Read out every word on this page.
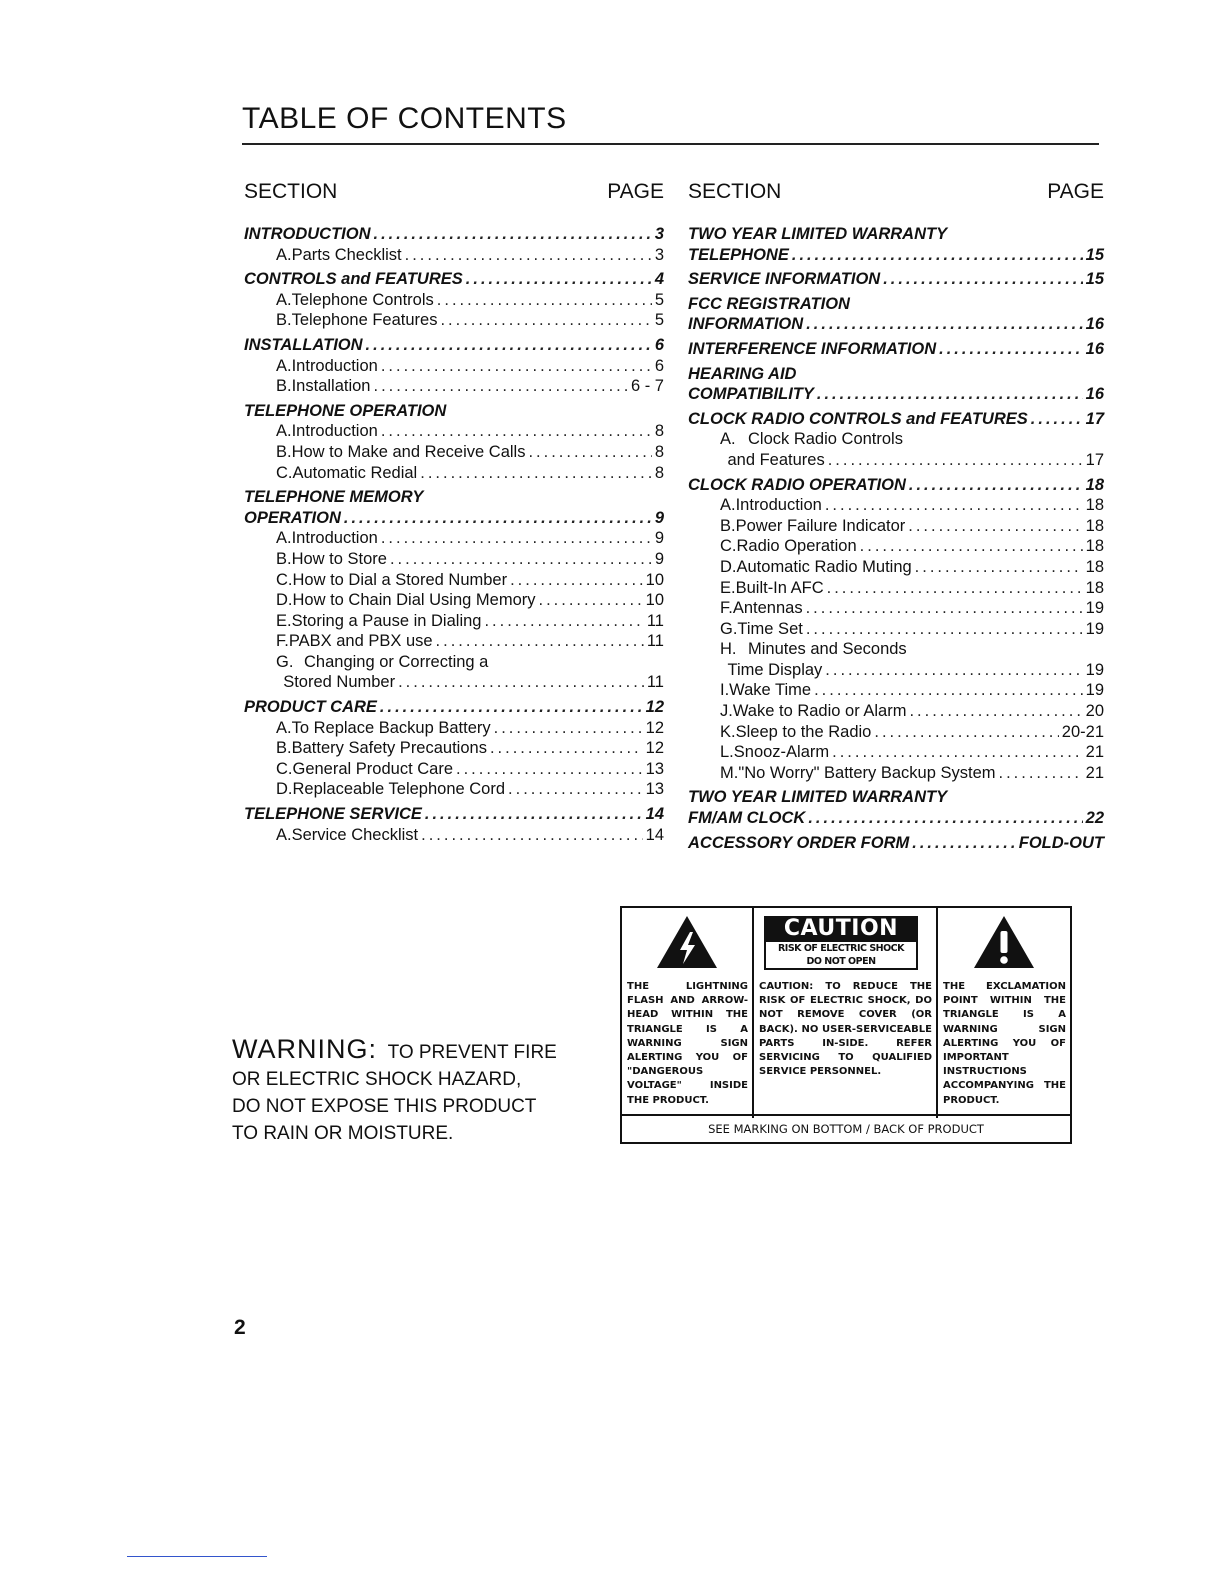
TABLE OF CONTENTS
SECTION	PAGE
INTRODUCTION .....	3
A. Parts Checklist .....	3
CONTROLS and FEATURES .....	4
A. Telephone Controls .....	5
B. Telephone Features .....	5
INSTALLATION .....	6
A. Introduction .....	6
B. Installation .....	6 - 7
TELEPHONE OPERATION
A. Introduction .....	8
B. How to Make and Receive Calls .....	8
C. Automatic Redial .....	8
TELEPHONE MEMORY
OPERATION .....	9
A. Introduction .....	9
B. How to Store .....	9
C. How to Dial a Stored Number .....	10
D. How to Chain Dial Using Memory .....	10
E. Storing a Pause in Dialing .....	11
F. PABX and PBX use .....	11
G. Changing or Correcting a
Stored Number .....	11
PRODUCT CARE .....	12
A. To Replace Backup Battery .....	12
B. Battery Safety Precautions .....	12
C. General Product Care .....	13
D. Replaceable Telephone Cord .....	13
TELEPHONE SERVICE .....	14
A. Service Checklist .....	14
SECTION	PAGE
TWO YEAR LIMITED WARRANTY
TELEPHONE .....	15
SERVICE INFORMATION .....	15
FCC REGISTRATION
INFORMATION .....	16
INTERFERENCE INFORMATION .....	16
HEARING AID
COMPATIBILITY .....	16
CLOCK RADIO CONTROLS and FEATURES .....	17
A. Clock Radio Controls
and Features .....	17
CLOCK RADIO OPERATION .....	18
A. Introduction .....	18
B. Power Failure Indicator .....	18
C. Radio Operation .....	18
D. Automatic Radio Muting .....	18
E. Built-In AFC .....	18
F. Antennas .....	19
G. Time Set .....	19
H. Minutes and Seconds
Time Display .....	19
I. Wake Time .....	19
J. Wake to Radio or Alarm .....	20
K. Sleep to the Radio .....	20-21
L. Snooz-Alarm .....	21
M. "No Worry" Battery Backup System .....	21
TWO YEAR LIMITED WARRANTY
FM/AM CLOCK .....	22
ACCESSORY ORDER FORM .....	FOLD-OUT
WARNING: TO PREVENT FIRE
OR ELECTRIC SHOCK HAZARD,
DO NOT EXPOSE THIS PRODUCT
TO RAIN OR MOISTURE.
THE LIGHTNING FLASH AND ARROW-HEAD WITHIN THE TRIANGLE IS A WARNING SIGN ALERTING YOU OF "DANGEROUS VOLTAGE" INSIDE THE PRODUCT.
CAUTION
RISK OF ELECTRIC SHOCK
DO NOT OPEN
CAUTION: TO REDUCE THE RISK OF ELECTRIC SHOCK, DO NOT REMOVE COVER (OR BACK). NO USER-SERVICEABLE PARTS IN-SIDE. REFER SERVICING TO QUALIFIED SERVICE PERSONNEL.
THE EXCLAMATION POINT WITHIN THE TRIANGLE IS A WARNING SIGN ALERTING YOU OF IMPORTANT INSTRUCTIONS ACCOMPANYING THE PRODUCT.
SEE MARKING ON BOTTOM / BACK OF PRODUCT
2
